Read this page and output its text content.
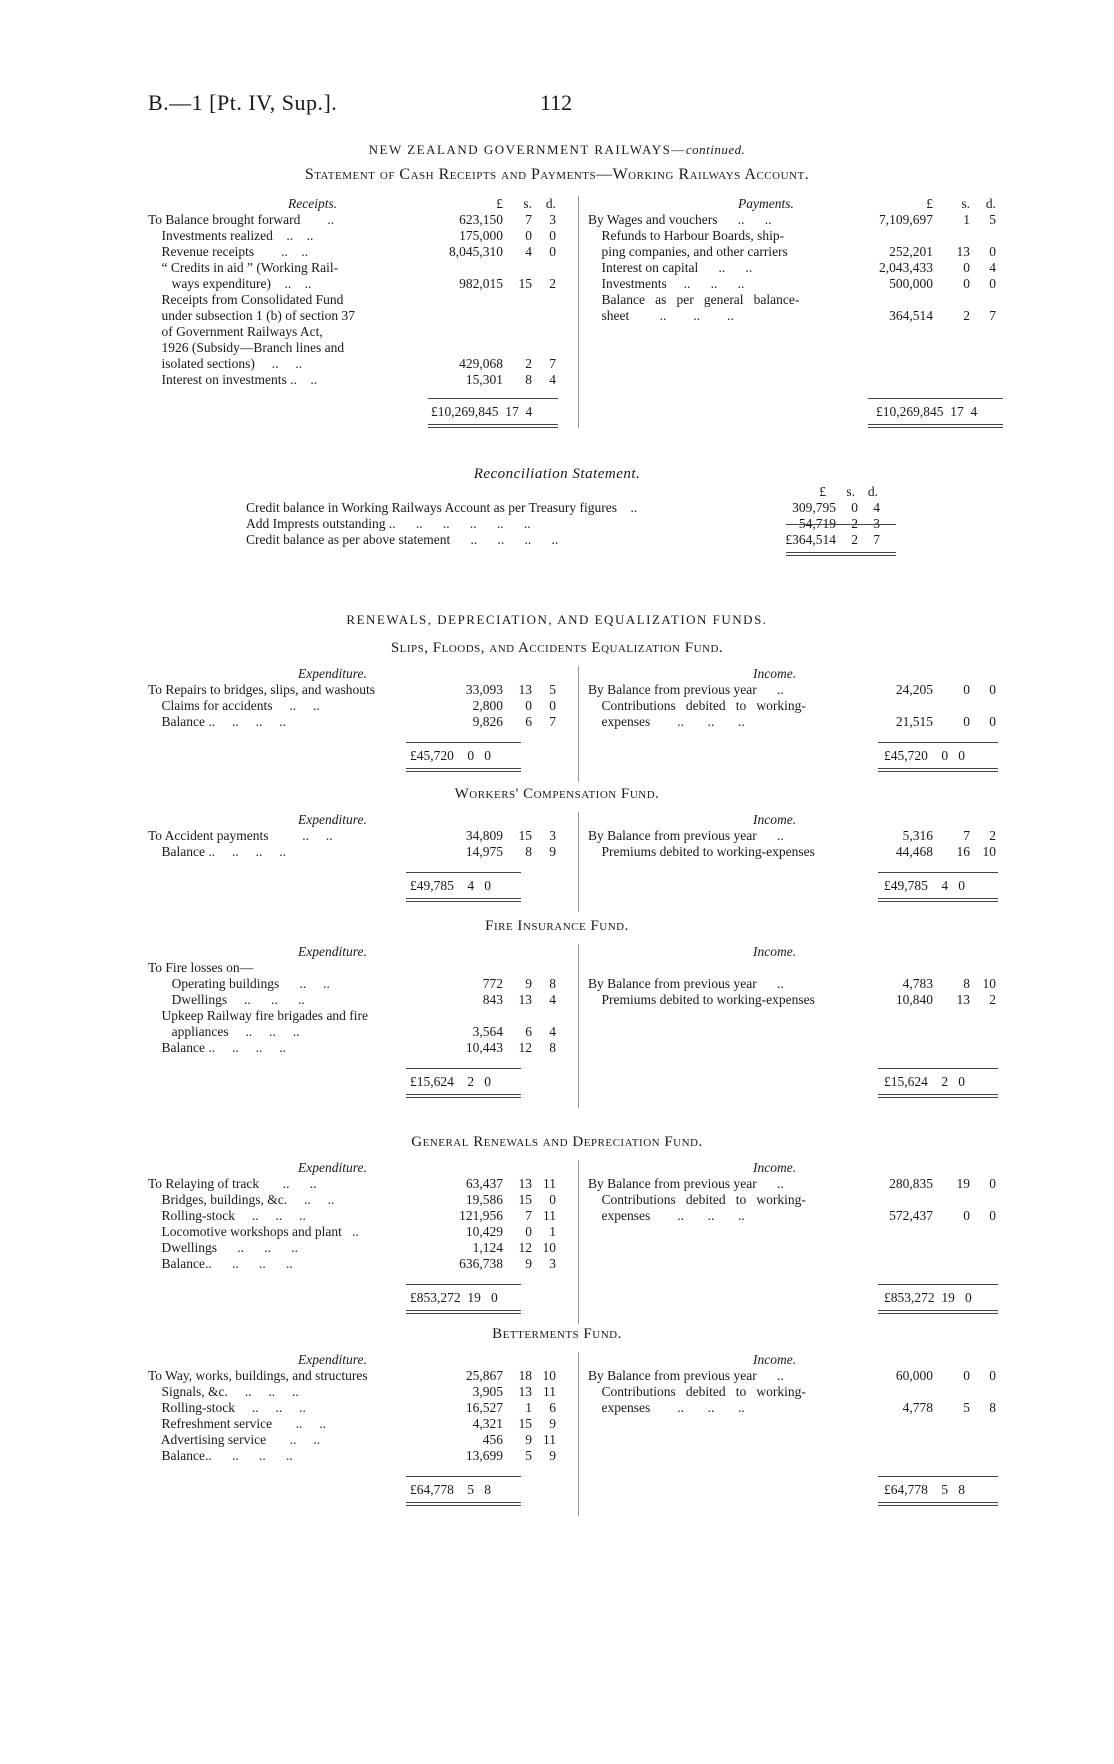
B.—1 [Pt. IV, Sup.].	112
NEW ZEALAND GOVERNMENT RAILWAYS—continued.
Statement of Cash Receipts and Payments—Working Railways Account.
Receipts.	£	s.	d.
To Balance brought forward        ..	623,150	7	3
Investments realized    ..    ..	175,000	0	0
Revenue receipts        ..    ..	8,045,310	4	0
“ Credits in aid ” (Working Rail-
ways expenditure)    ..    ..	982,015	15	2
Receipts from Consolidated Fund
under subsection 1 (b) of section 37
of Government Railways Act,
1926 (Subsidy—Branch lines and
isolated sections)     ..     ..	429,068	2	7
Interest on investments ..    ..	15,301	8	4
Payments.	£	s.	d.
By Wages and vouchers      ..      ..	7,109,697	1	5
Refunds to Harbour Boards, ship-
ping companies, and other carriers	252,201	13	0
Interest on capital      ..      ..	2,043,433	0	4
Investments     ..      ..      ..	500,000	0	0
Balance   as   per   general   balance-
sheet         ..        ..        ..	364,514	2	7
£10,269,845  17  4	£10,269,845  17  4
Reconciliation Statement.
£	s. d.
Credit balance in Working Railways Account as per Treasury figures    ..	309,795	0	4
Add Imprests outstanding ..      ..      ..      ..      ..      ..	54,719	2	3
Credit balance as per above statement      ..      ..      ..      ..	£364,514	2	7
RENEWALS, DEPRECIATION, AND EQUALIZATION FUNDS.
Slips, Floods, and Accidents Equalization Fund.
Expenditure.
To Repairs to bridges, slips, and washouts	33,093	13	5
Claims for accidents     ..     ..	2,800	0	0
Balance ..     ..     ..     ..	9,826	6	7
Income.
By Balance from previous year      ..	24,205	0	0
Contributions   debited   to   working-
expenses        ..       ..       ..	21,515	0	0
£45,720    0   0	£45,720    0   0
Workers' Compensation Fund.
Expenditure.
To Accident payments          ..     ..	34,809	15	3
Balance ..     ..     ..     ..	14,975	8	9
Income.
By Balance from previous year      ..	5,316	7	2
Premiums debited to working-expenses	44,468	16 10
£49,785    4   0	£49,785    4   0
Fire Insurance Fund.
Expenditure.
To Fire losses on—
Operating buildings      ..     ..	772	9	8
Dwellings     ..      ..      ..	843	13	4
Upkeep Railway fire brigades and fire
appliances     ..     ..     ..	3,564	6	4
Balance ..     ..     ..     ..	10,443	12	8
Income.
By Balance from previous year      ..	4,783	8 10
Premiums debited to working-expenses	10,840	13	2
£15,624    2   0	£15,624    2   0
General Renewals and Depreciation Fund.
Expenditure.
To Relaying of track       ..      ..	63,437	13 11
Bridges, buildings, &c.     ..     ..	19,586	15	0
Rolling-stock     ..     ..     ..	121,956	7 11
Locomotive workshops and plant   ..	10,429	0	1
Dwellings      ..      ..      ..	1,124	12 10
Balance..      ..      ..      ..	636,738	9	3
Income.
By Balance from previous year      ..	280,835	19	0
Contributions   debited   to   working-
expenses        ..       ..       ..	572,437	0	0
£853,272  19   0	£853,272  19   0
Betterments Fund.
Expenditure.
To Way, works, buildings, and structures	25,867	18 10
Signals, &c.     ..     ..     ..	3,905	13 11
Rolling-stock     ..     ..     ..	16,527	1	6
Refreshment service       ..     ..	4,321	15	9
Advertising service       ..     ..	456	9 11
Balance..      ..      ..      ..	13,699	5	9
Income.
By Balance from previous year      ..	60,000	0	0
Contributions   debited   to   working-
expenses        ..       ..       ..	4,778	5	8
£64,778    5   8	£64,778    5   8
